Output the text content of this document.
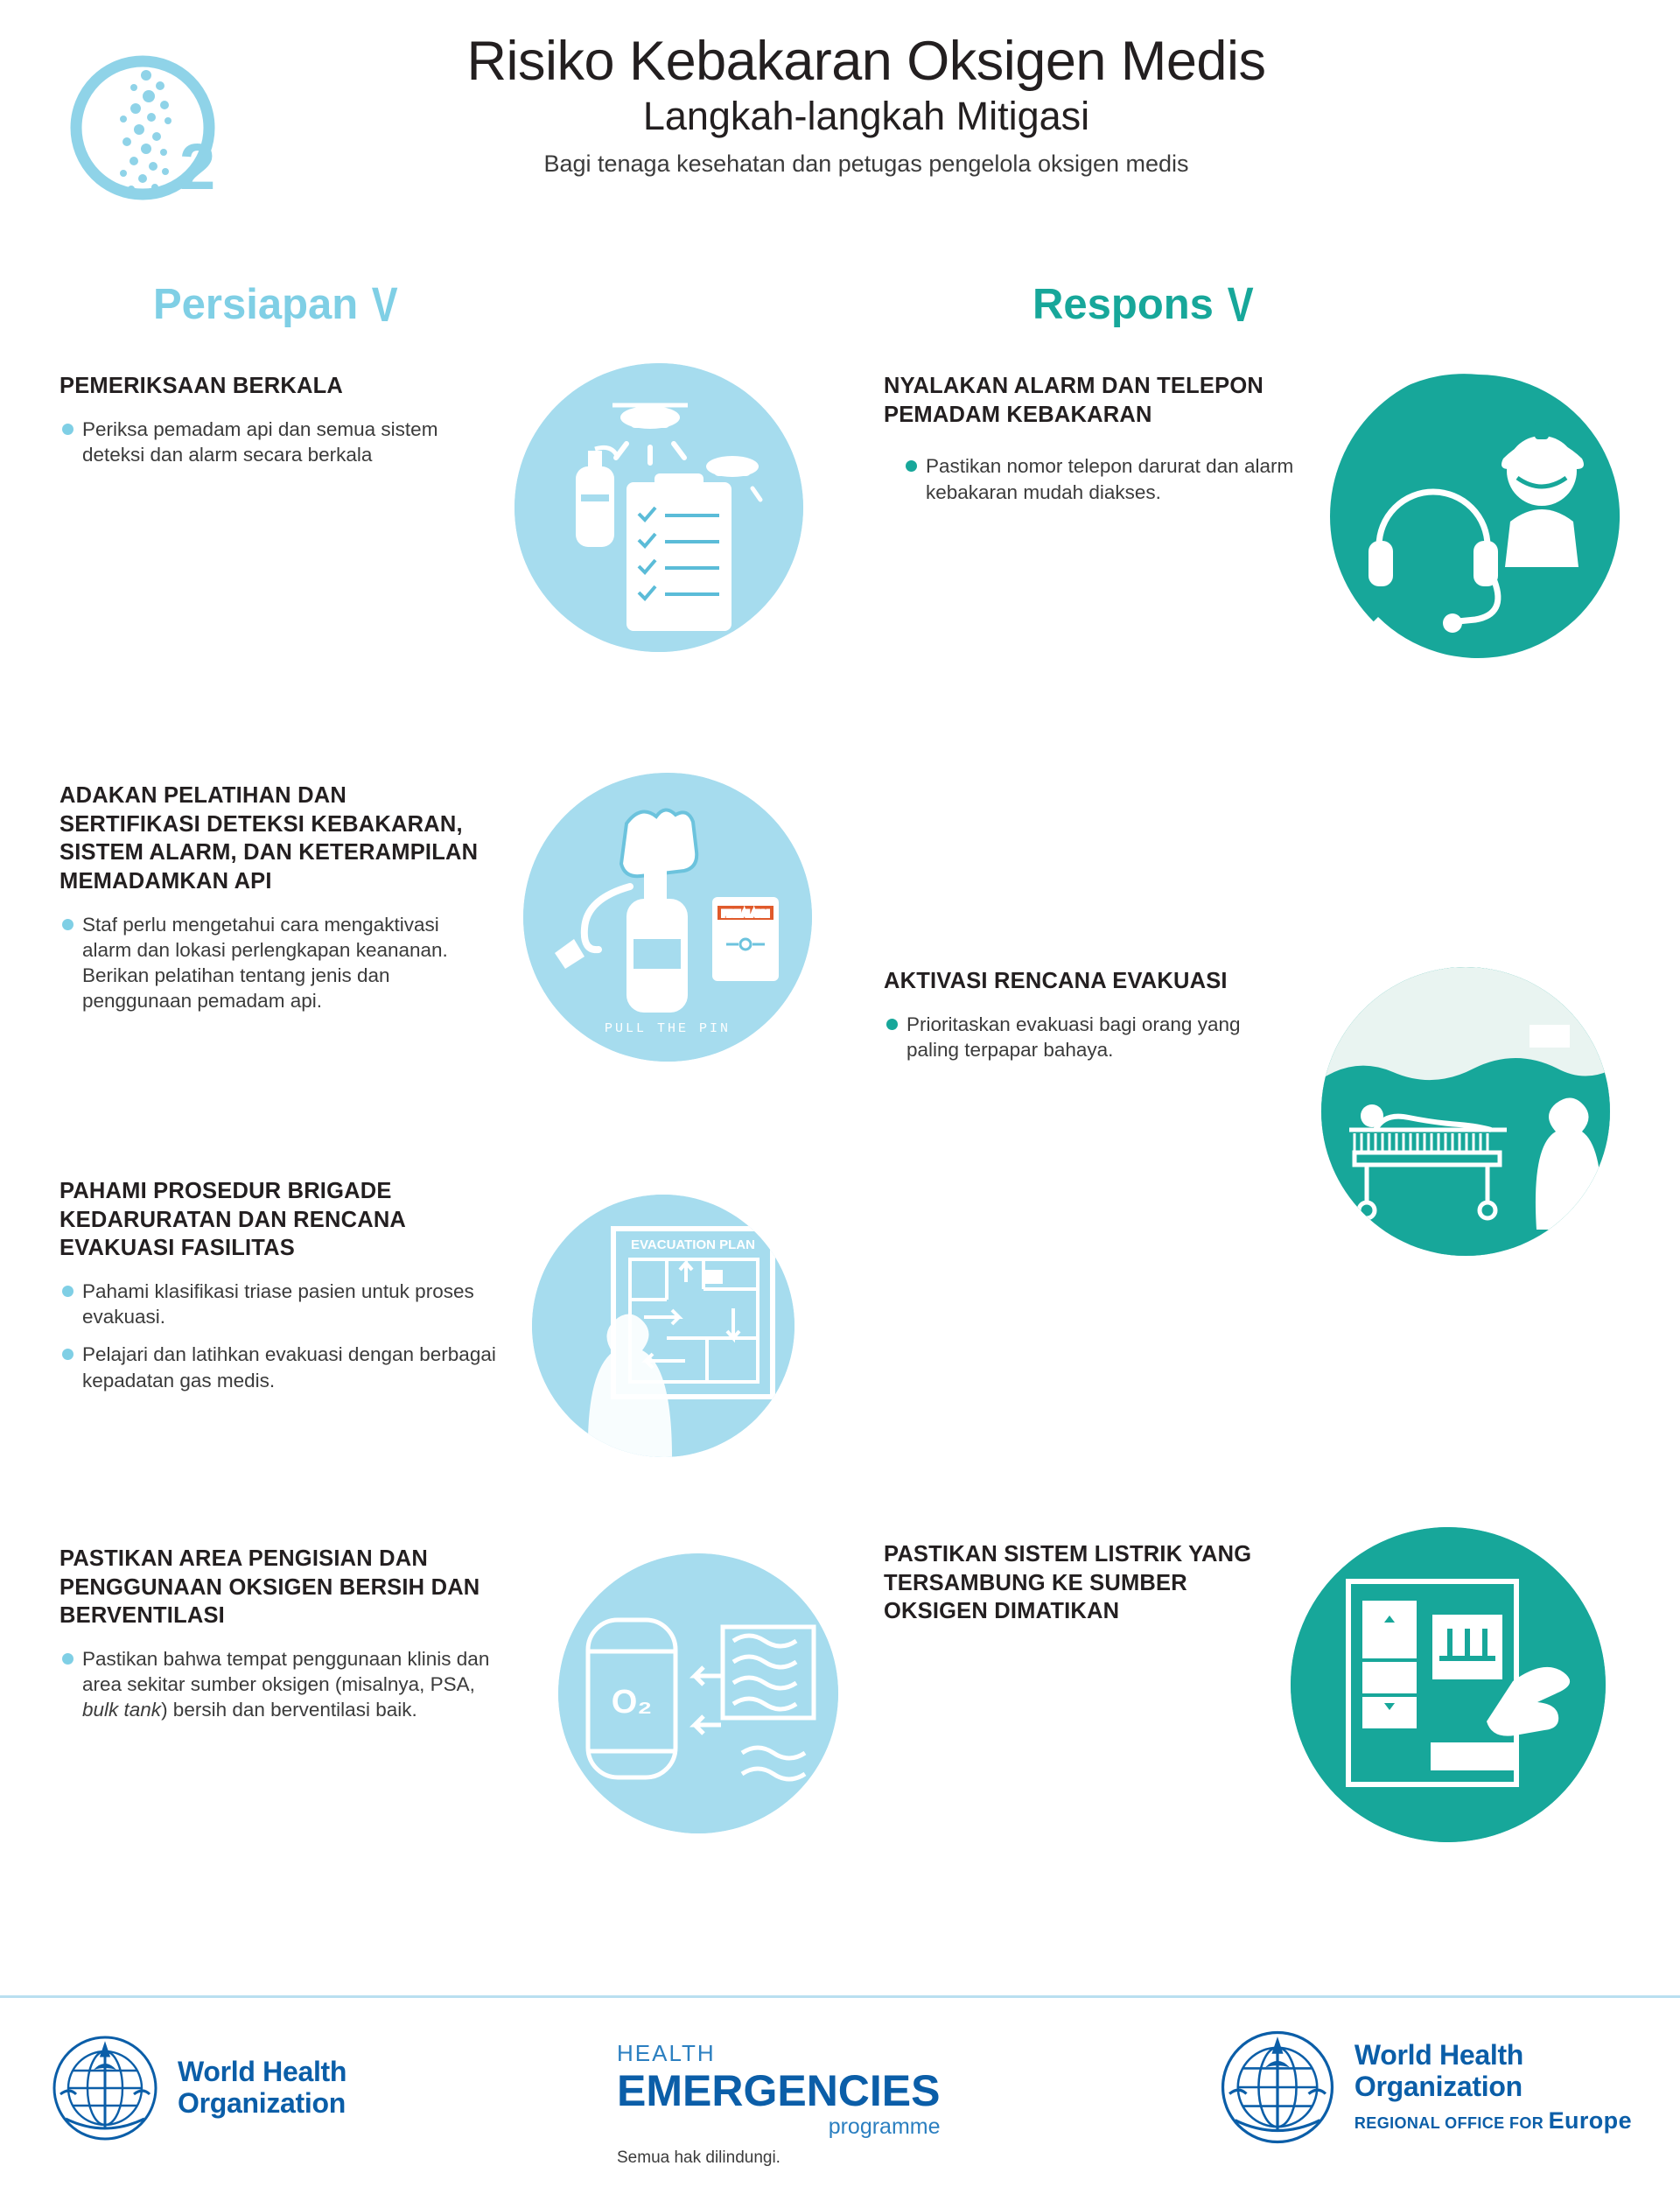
2
Risiko Kebakaran Oksigen Medis
Langkah-langkah Mitigasi
Bagi tenaga kesehatan dan petugas pengelola oksigen medis
Persiapan V	Respons V
PEMERIKSAAN BERKALA
Periksa pemadam api dan semua sistem deteksi dan alarm secara berkala
ADAKAN PELATIHAN DAN SERTIFIKASI DETEKSI KEBAKARAN, SISTEM ALARM, DAN KETERAMPILAN MEMADAMKAN API
Staf perlu mengetahui cara mengaktivasi alarm dan lokasi perlengkapan keananan. Berikan pelatihan tentang jenis dan penggunaan pemadam api.
FIRE ALARM
BREAK GLASS
PRESS HERE
PULL THE PIN
PAHAMI PROSEDUR BRIGADE KEDARURATAN DAN RENCANA EVAKUASI FASILITAS
Pahami klasifikasi triase pasien untuk proses evakuasi.
Pelajari dan latihkan evakuasi dengan berbagai kepadatan gas medis.
EVACUATION PLAN
EXIT
PASTIKAN AREA PENGISIAN DAN PENGGUNAAN OKSIGEN BERSIH DAN BERVENTILASI
Pastikan bahwa tempat penggunaan klinis dan area sekitar sumber oksigen (misalnya, PSA, bulk tank) bersih dan berventilasi baik.	O₂
NYALAKAN ALARM DAN TELEPON PEMADAM KEBAKARAN
Pastikan nomor telepon darurat dan alarm kebakaran mudah diakses.
AKTIVASI RENCANA EVAKUASI
Prioritaskan evakuasi bagi orang yang paling terpapar bahaya.
EXIT
PASTIKAN SISTEM LISTRIK YANG TERSAMBUNG KE SUMBER OKSIGEN DIMATIKAN
ON
OFF
OXYGEN
World Health
Organization
HEALTH
EMERGENCIES
programme
Semua hak dilindungi.
World Health
Organization
REGIONAL OFFICE FOR Europe
